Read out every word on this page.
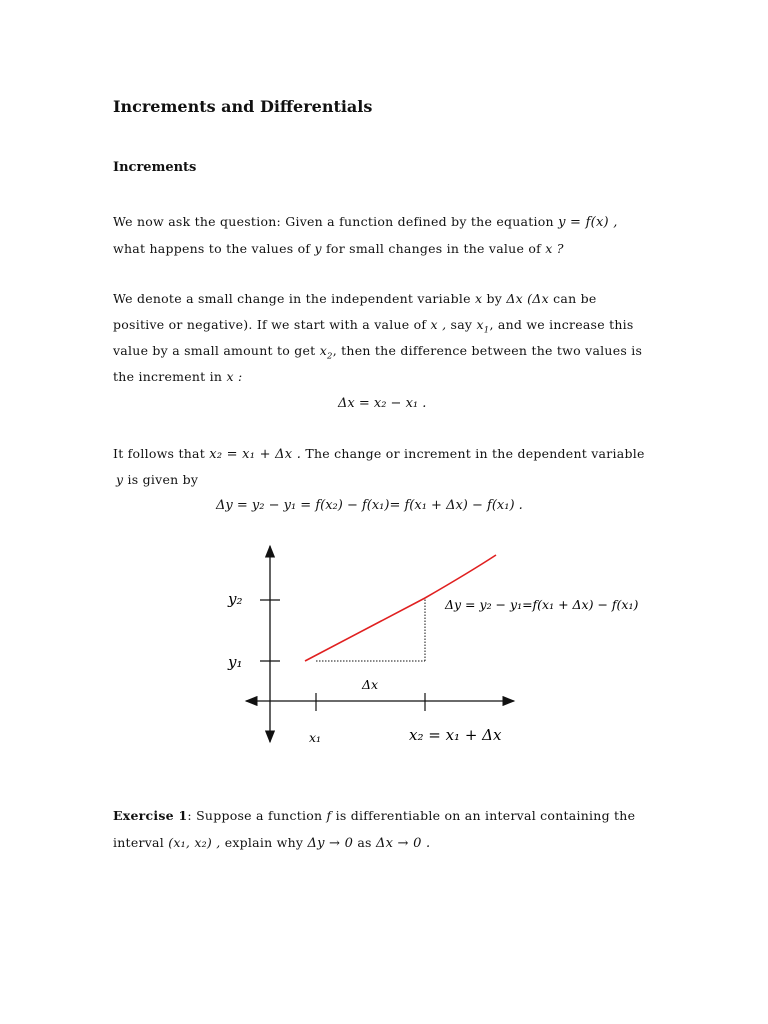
Increments and Differentials
Increments
We now ask the question: Given a function defined by the equation y = f(x) ,
what happens to the values of y for small changes in the value of x ?
We denote a small change in the independent variable x by Δx (Δx can be
positive or negative). If we start with a value of x , say $x_1$, and we increase this
value by a small amount to get $x_2$, then the difference between the two values is
the increment in x :
Δx = x₂ − x₁ .
It follows that x₂ = x₁ + Δx . The change or increment in the dependent variable
y is given by
Δy = y₂ − y₁ = f(x₂) − f(x₁)= f(x₁ + Δx) − f(x₁) .
y₂
y₁
Δy = y₂ − y₁=f(x₁ + Δx) − f(x₁)
Δx
x₁	x₂ = x₁ + Δx
Exercise 1: Suppose a function f is differentiable on an interval containing the
interval (x₁, x₂) , explain why Δy → 0 as Δx → 0 .
